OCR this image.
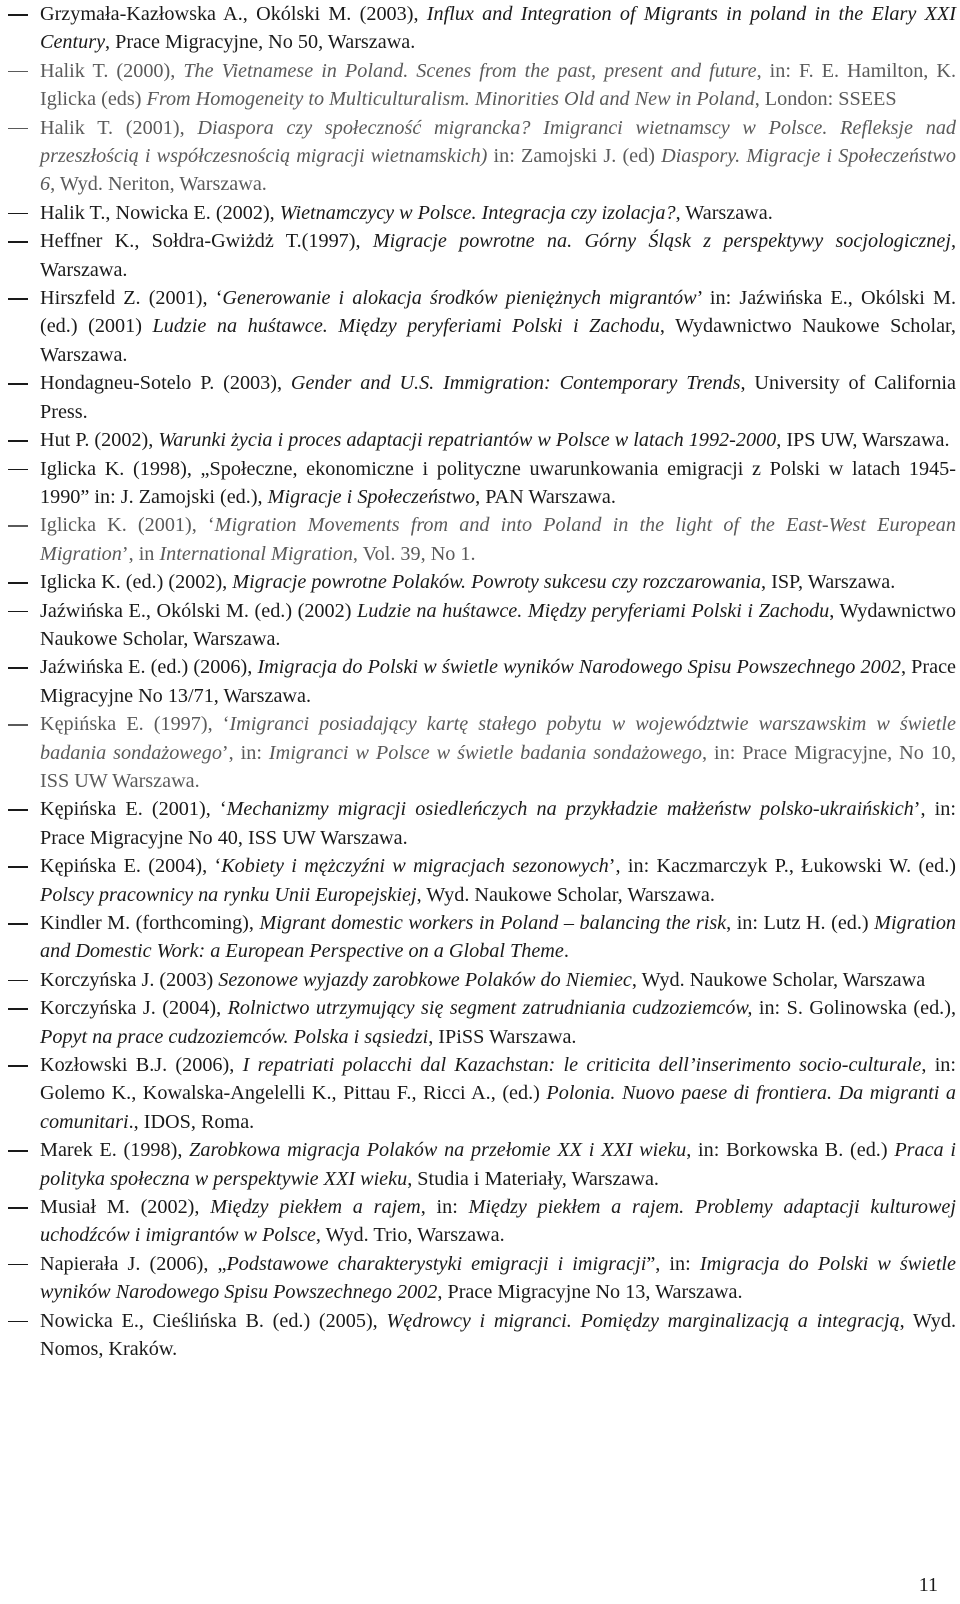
Grzymała-Kazłowska A., Okólski M. (2003), Influx and Integration of Migrants in poland in the Elary XXI Century, Prace Migracyjne, No 50, Warszawa.
Halik T. (2000), The Vietnamese in Poland. Scenes from the past, present and future, in: F. E. Hamilton, K. Iglicka (eds) From Homogeneity to Multiculturalism. Minorities Old and New in Poland, London: SSEES
Halik T. (2001), Diaspora czy społeczność migrancka? Imigranci wietnamscy w Polsce. Refleksje nad przeszłością i współczesnością migracji wietnamskich) in: Zamojski J. (ed) Diaspory. Migracje i Społeczeństwo 6, Wyd. Neriton, Warszawa.
Halik T., Nowicka E. (2002), Wietnamczycy w Polsce. Integracja czy izolacja?, Warszawa.
Heffner K., Sołdra-Gwiżdż T.(1997), Migracje powrotne na. Górny Śląsk z perspektywy socjologicznej, Warszawa.
Hirszfeld Z. (2001), ‘Generowanie i alokacja środków pieniężnych migrantów’ in: Jaźwińska E., Okólski M. (ed.) (2001) Ludzie na huśtawce. Między peryferiami Polski i Zachodu, Wydawnictwo Naukowe Scholar, Warszawa.
Hondagneu-Sotelo P. (2003), Gender and U.S. Immigration: Contemporary Trends, University of California Press.
Hut P. (2002), Warunki życia i proces adaptacji repatriantów w Polsce w latach 1992-2000, IPS UW, Warszawa.
Iglicka K. (1998), „Społeczne, ekonomiczne i polityczne uwarunkowania emigracji z Polski w latach 1945-1990” in: J. Zamojski (ed.), Migracje i Społeczeństwo, PAN Warszawa.
Iglicka K. (2001), ‘Migration Movements from and into Poland in the light of the East-West European Migration’, in International Migration, Vol. 39, No 1.
Iglicka K. (ed.) (2002), Migracje powrotne Polaków. Powroty sukcesu czy rozczarowania, ISP, Warszawa.
Jaźwińska E., Okólski M. (ed.) (2002) Ludzie na huśtawce. Między peryferiami Polski i Zachodu, Wydawnictwo Naukowe Scholar, Warszawa.
Jaźwińska E. (ed.) (2006), Imigracja do Polski w świetle wyników Narodowego Spisu Powszechnego 2002, Prace Migracyjne No 13/71, Warszawa.
Kępińska E. (1997), ‘Imigranci posiadający kartę stałego pobytu w województwie warszawskim w świetle badania sondażowego’, in: Imigranci w Polsce w świetle badania sondażowego, in: Prace Migracyjne, No 10, ISS UW Warszawa.
Kępińska E. (2001), ‘Mechanizmy migracji osiedleńczych na przykładzie małżeństw polsko-ukraińskich’, in: Prace Migracyjne No 40, ISS UW Warszawa.
Kępińska E. (2004), ‘Kobiety i mężczyźni w migracjach sezonowych’, in: Kaczmarczyk P., Łukowski W. (ed.) Polscy pracownicy na rynku Unii Europejskiej, Wyd. Naukowe Scholar, Warszawa.
Kindler M. (forthcoming), Migrant domestic workers in Poland – balancing the risk, in: Lutz H. (ed.) Migration and Domestic Work: a European Perspective on a Global Theme.
Korczyńska J. (2003) Sezonowe wyjazdy zarobkowe Polaków do Niemiec, Wyd. Naukowe Scholar, Warszawa
Korczyńska J. (2004), Rolnictwo utrzymujący się segment zatrudniania cudzoziemców, in: S. Golinowska (ed.), Popyt na prace cudzoziemców. Polska i sąsiedzi, IPiSS Warszawa.
Kozłowski B.J. (2006), I repatriati polacchi dal Kazachstan: le criticita dell’inserimento socio-culturale, in: Golemo K., Kowalska-Angelelli K., Pittau F., Ricci A., (ed.) Polonia. Nuovo paese di frontiera. Da migranti a comunitari., IDOS, Roma.
Marek E. (1998), Zarobkowa migracja Polaków na przełomie XX i XXI wieku, in: Borkowska B. (ed.) Praca i polityka społeczna w perspektywie XXI wieku, Studia i Materiały, Warszawa.
Musiał M. (2002), Między piekłem a rajem, in: Między piekłem a rajem. Problemy adaptacji kulturowej uchodźców i imigrantów w Polsce, Wyd. Trio, Warszawa.
Napierała J. (2006), „Podstawowe charakterystyki emigracji i imigracji”, in: Imigracja do Polski w świetle wyników Narodowego Spisu Powszechnego 2002, Prace Migracyjne No 13, Warszawa.
Nowicka E., Cieślińska B. (ed.) (2005), Wędrowcy i migranci. Pomiędzy marginalizacją a integracją, Wyd. Nomos, Kraków.
11
